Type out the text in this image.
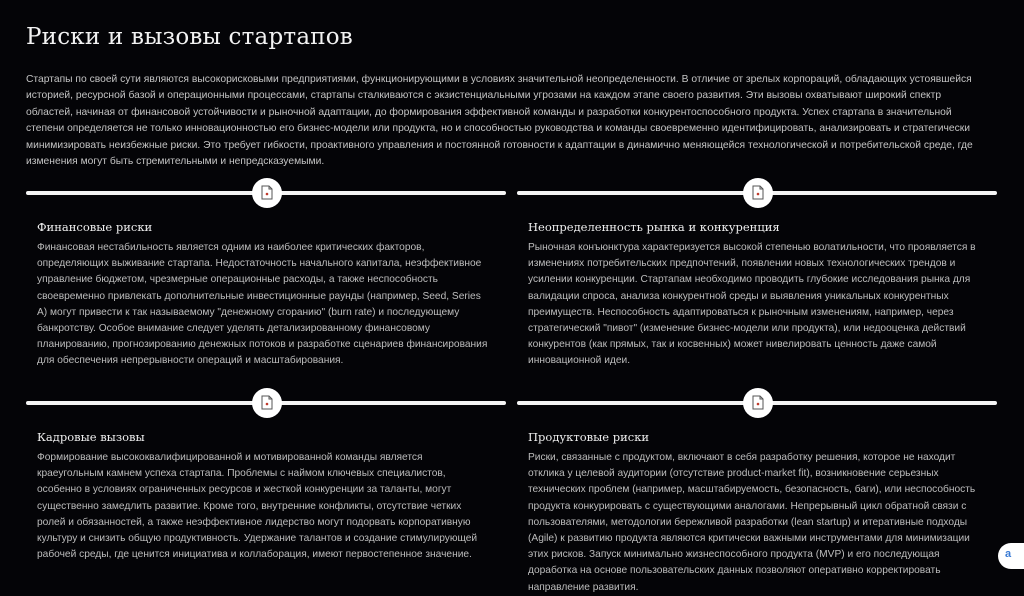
Риски и вызовы стартапов

Стартапы по своей сути являются высокорисковыми предприятиями, функционирующими в условиях значительной неопределенности. В отличие от зрелых корпораций, обладающих устоявшейся историей, ресурсной базой и операционными процессами, стартапы сталкиваются с экзистенциальными угрозами на каждом этапе своего развития. Эти вызовы охватывают широкий спектр областей, начиная от финансовой устойчивости и рыночной адаптации, до формирования эффективной команды и разработки конкурентоспособного продукта. Успех стартапа в значительной степени определяется не только инновационностью его бизнес-модели или продукта, но и способностью руководства и команды своевременно идентифицировать, анализировать и стратегически минимизировать неизбежные риски. Это требует гибкости, проактивного управления и постоянной готовности к адаптации в динамично меняющейся технологической и потребительской среде, где изменения могут быть стремительными и непредсказуемыми.

Финансовые риски

Финансовая нестабильность является одним из наиболее критических факторов, определяющих выживание стартапа. Недостаточность начального капитала, неэффективное управление бюджетом, чрезмерные операционные расходы, а также неспособность своевременно привлекать дополнительные инвестиционные раунды (например, Seed, Series A) могут привести к так называемому "денежному сгоранию" (burn rate) и последующему банкротству. Особое внимание следует уделять детализированному финансовому планированию, прогнозированию денежных потоков и разработке сценариев финансирования для обеспечения непрерывности операций и масштабирования.

Неопределенность рынка и конкуренция

Рыночная конъюнктура характеризуется высокой степенью волатильности, что проявляется в изменениях потребительских предпочтений, появлении новых технологических трендов и усилении конкуренции. Стартапам необходимо проводить глубокие исследования рынка для валидации спроса, анализа конкурентной среды и выявления уникальных конкурентных преимуществ. Неспособность адаптироваться к рыночным изменениям, например, через стратегический "пивот" (изменение бизнес-модели или продукта), или недооценка действий конкурентов (как прямых, так и косвенных) может нивелировать ценность даже самой инновационной идеи.

Кадровые вызовы

Формирование высококвалифицированной и мотивированной команды является краеугольным камнем успеха стартапа. Проблемы с наймом ключевых специалистов, особенно в условиях ограниченных ресурсов и жесткой конкуренции за таланты, могут существенно замедлить развитие. Кроме того, внутренние конфликты, отсутствие четких ролей и обязанностей, а также неэффективное лидерство могут подорвать корпоративную культуру и снизить общую продуктивность. Удержание талантов и создание стимулирующей рабочей среды, где ценится инициатива и коллаборация, имеют первостепенное значение.

Продуктовые риски

Риски, связанные с продуктом, включают в себя разработку решения, которое не находит отклика у целевой аудитории (отсутствие product-market fit), возникновение серьезных технических проблем (например, масштабируемость, безопасность, баги), или неспособность продукта конкурировать с существующими аналогами. Непрерывный цикл обратной связи с пользователями, методологии бережливой разработки (lean startup) и итеративные подходы (Agile) к развитию продукта являются критически важными инструментами для минимизации этих рисков. Запуск минимально жизнеспособного продукта (MVP) и его последующая доработка на основе пользовательских данных позволяют оперативно корректировать направление развития.

a
